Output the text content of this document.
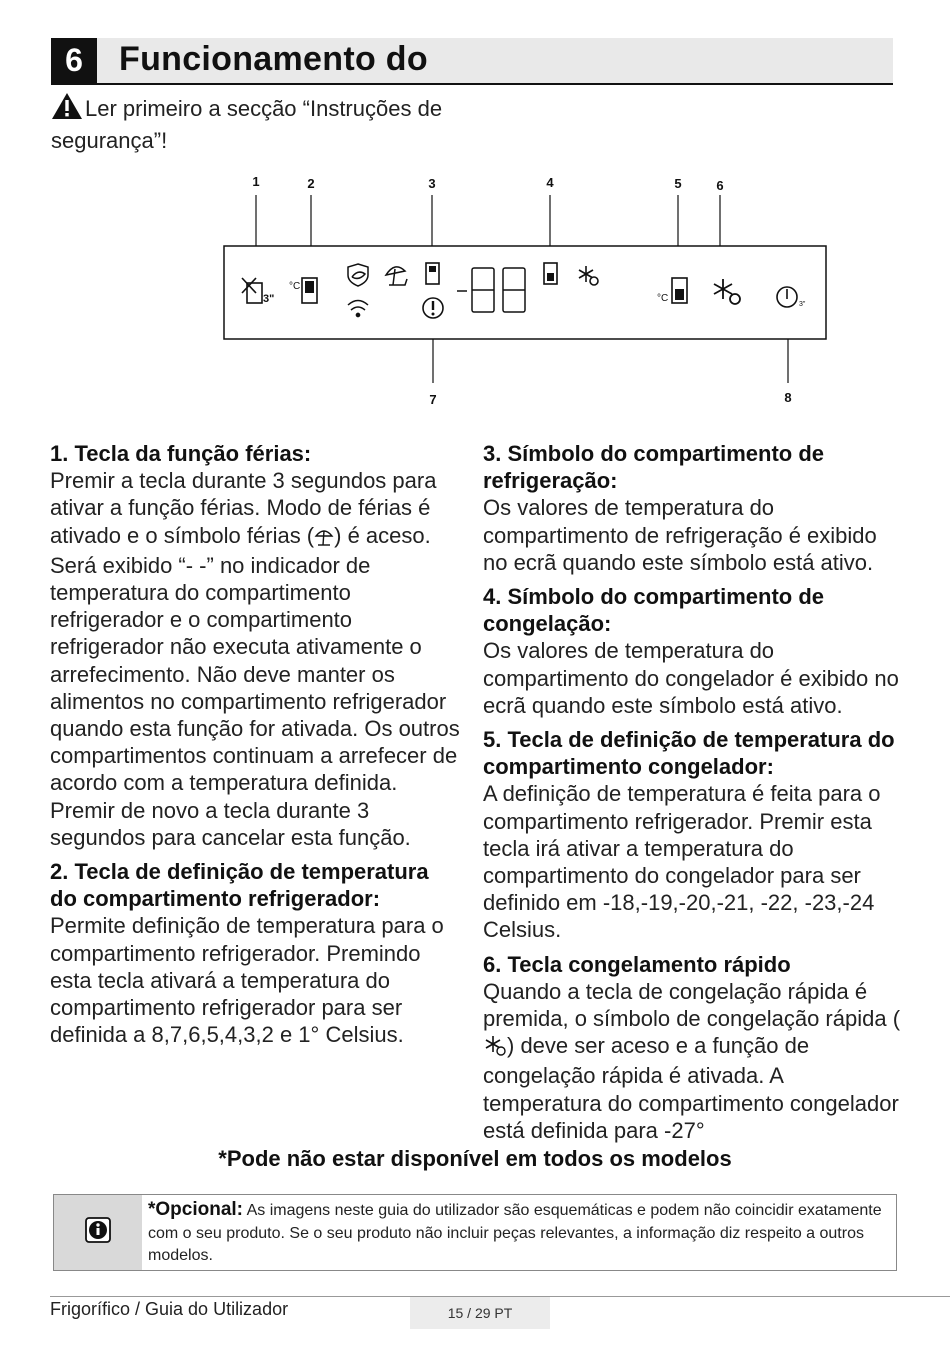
6	Funcionamento do
Ler primeiro a secção “Instruções de segurança”!
3"
°C
°C
3"
1	2	3	4	5	6
7	8
1. Tecla da função férias:
Premir a tecla durante 3 segundos para ativar a função férias. Modo de férias é ativado e o símbolo férias ( ) é aceso. Será exibido “- -” no indicador de temperatura do compartimento refrigerador e o compartimento refrigerador não executa ativamente o arrefecimento. Não deve manter os alimentos no compartimento refrigerador quando esta função for ativada. Os outros compartimentos continuam a arrefecer de acordo com a temperatura definida. Premir de novo a tecla durante 3 segundos para cancelar esta função.
2. Tecla de definição de temperatura do compartimento refrigerador:
Permite definição de temperatura para o compartimento refrigerador. Premindo esta tecla ativará a temperatura do compartimento refrigerador para ser definida a 8,7,6,5,4,3,2 e 1° Celsius.
3. Símbolo do compartimento de refrigeração:
Os valores de temperatura do compartimento de refrigeração é exibido no ecrã quando este símbolo está ativo.
4. Símbolo do compartimento de congelação:
Os valores de temperatura do compartimento do congelador é exibido no ecrã quando este símbolo está ativo.
5. Tecla de definição de temperatura do compartimento congelador:
A definição de temperatura é feita para o compartimento refrigerador. Premir esta tecla irá ativar a temperatura do compartimento do congelador para ser definido em -18,-19,-20,-21, -22, -23,-24 Celsius.
6. Tecla congelamento rápido
Quando a tecla de congelação rápida é premida, o símbolo de congelação rápida () deve ser aceso e a função de congelação rápida é ativada. A temperatura do compartimento congelador está definida para -27°
*Pode não estar disponível em todos os modelos
*Opcional: As imagens neste guia do utilizador são esquemáticas e podem não coincidir exatamente com o seu produto. Se o seu produto não incluir peças relevantes, a informação diz respeito a outros modelos.
Frigorífico / Guia do Utilizador	15 / 29 PT
